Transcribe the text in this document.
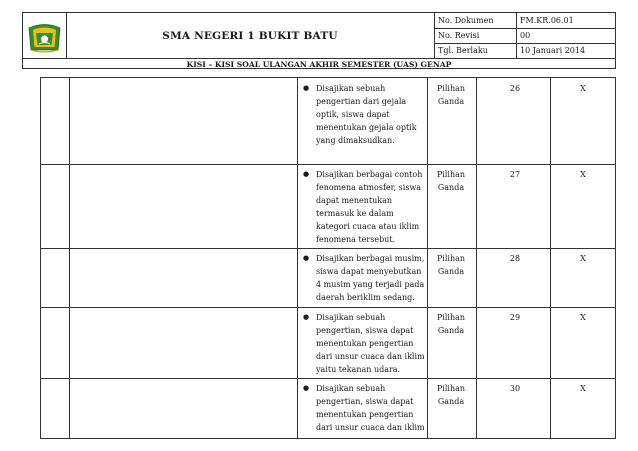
SMA NEGERI 1 BUKIT BATU
No. Dokumen	FM.KR.06.01
No. Revisi	00
Tgl. Berlaku	10 Januari 2014
KISI – KISI SOAL ULANGAN AKHIR SEMESTER (UAS) GENAP
● Disajikan sebuah pengertian dari gejala optik, siswa dapat menentukan gejala optik yang dimaksudkan.
Pilihan Ganda
26	X
● Disajikan berbagai contoh fenomena atmosfer, siswa dapat menentukan termasuk ke dalam kategori cuaca atau iklim fenomena tersebut.
Pilihan Ganda
27	X
● Disajikan berbagai musim, siswa dapat menyebutkan 4 musim yang terjadi pada daerah beriklim sedang.
Pilihan Ganda
28	X
● Disajikan sebuah pengertian, siswa dapat menentukan pengertian dari unsur cuaca dan iklim yaitu tekanan udara.
Pilihan Ganda
29	X
● Disajikan sebuah pengertian, siswa dapat menentukan pengertian dari unsur cuaca dan iklim
Pilihan Ganda
30	X
